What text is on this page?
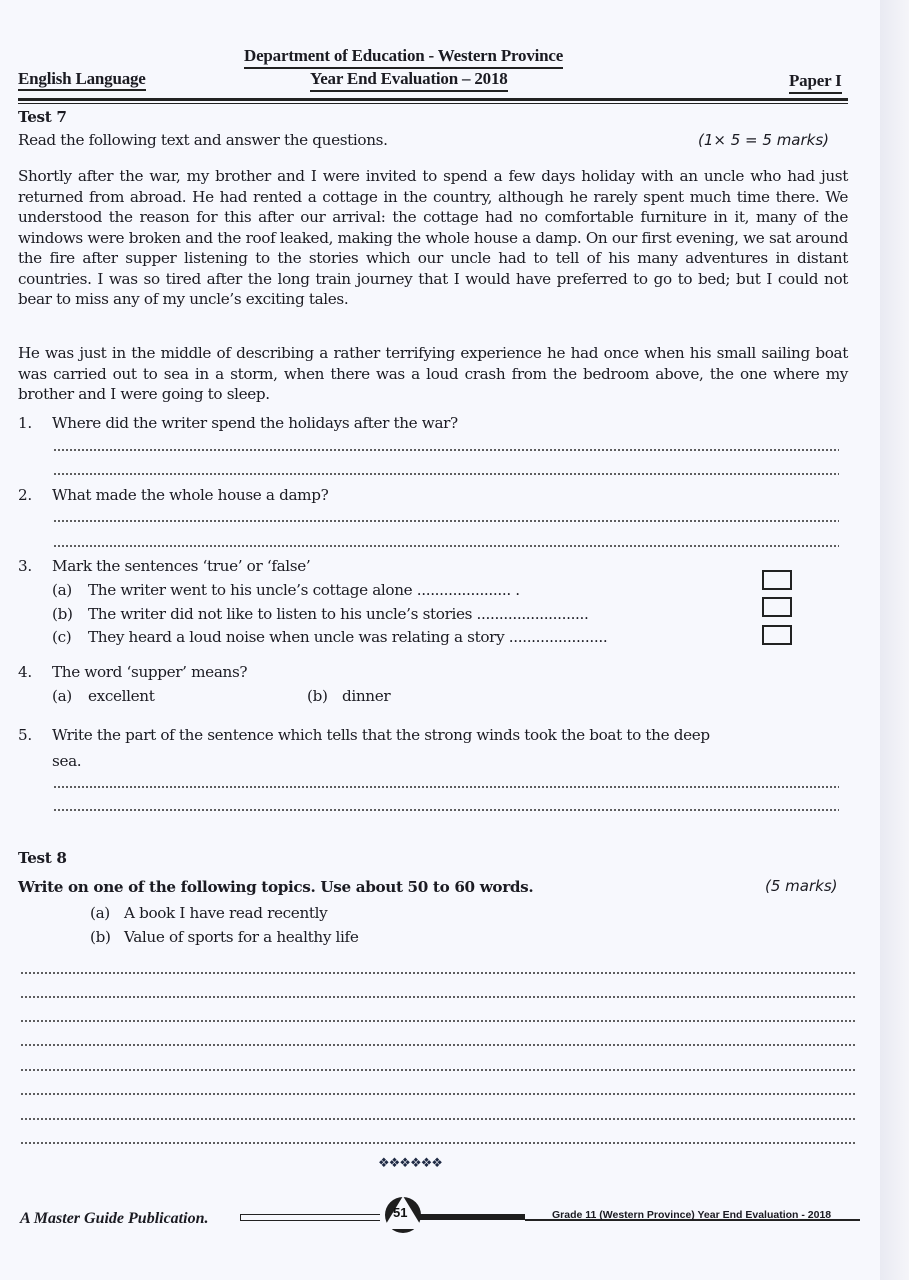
Department of Education - Western Province
English Language	Year End Evaluation – 2018	Paper I
Test 7
Read the following text and answer the questions.	(1× 5 = 5 marks)

Shortly after the war, my brother and I were invited to spend a few days holiday with an uncle who had just returned from abroad. He had rented a cottage in the country, although he rarely spent much time there. We understood the reason for this after our arrival: the cottage had no comfortable furniture in it, many of the windows were broken and the roof leaked, making the whole house a damp. On our first evening, we sat around the fire after supper listening to the stories which our uncle had to tell of his many adventures in distant countries. I was so tired after the long train journey that I would have preferred to go to bed; but I could not bear to miss any of my uncle’s exciting tales.

He was just in the middle of describing a rather terrifying experience he had once when his small sailing boat was carried out to sea in a storm, when there was a loud crash from the bedroom above, the one where my brother and I were going to sleep.

1. Where did the writer spend the holidays after the war?
2. What made the whole house a damp?
3. Mark the sentences ‘true’ or ‘false’
(a) The writer went to his uncle’s cottage alone ..................... .
(b) The writer did not like to listen to his uncle’s stories .........................
(c) They heard a loud noise when uncle was relating a story ......................
4. The word ‘supper’ means?
(a) excellent	(b) dinner
5. Write the part of the sentence which tells that the strong winds took the boat to the deep
sea.
Test 8
Write on one of the following topics. Use about 50 to 60 words.	(5 marks)
(a) A book I have read recently
(b) Value of sports for a healthy life
❖❖❖❖❖❖
A Master Guide Publication.	51	Grade 11 (Western Province) Year End Evaluation - 2018
